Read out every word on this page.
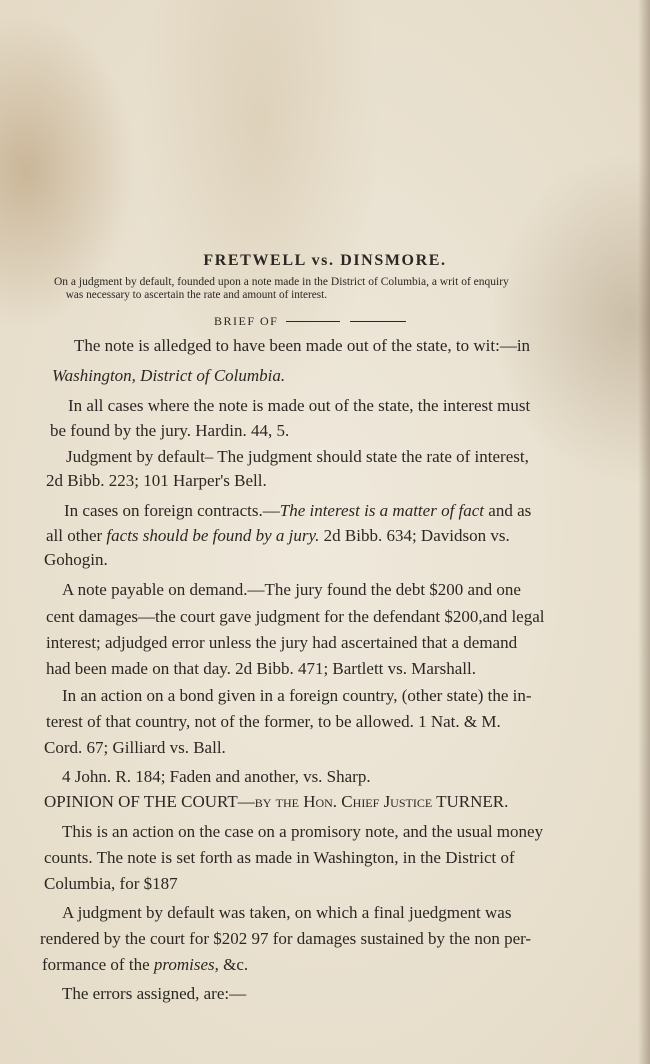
FRETWELL vs. DINSMORE.

On a judgment by default, founded upon a note made in the District of Columbia, a writ of enquiry

was necessary to ascertain the rate and amount of interest.

BRIEF OF
The note is alledged to have been made out of the state, to wit:—in
Washington, District of Columbia.
In all cases where the note is made out of the state, the interest must
be found by the jury. Hardin. 44, 5.
Judgment by default– The judgment should state the rate of interest,
2d Bibb. 223; 101 Harper's Bell.
In cases on foreign contracts.—The interest is a matter of fact and as
all other facts should be found by a jury. 2d Bibb. 634; Davidson vs.
Gohogin.
A note payable on demand.—The jury found the debt $200 and one
cent damages—the court gave judgment for the defendant $200,and legal
interest; adjudged error unless the jury had ascertained that a demand
had been made on that day. 2d Bibb. 471; Bartlett vs. Marshall.
In an action on a bond given in a foreign country, (other state) the in-
terest of that country, not of the former, to be allowed. 1 Nat. & M.
Cord. 67; Gilliard vs. Ball.
4 John. R. 184; Faden and another, vs. Sharp.
OPINION OF THE COURT—by the Hon. Chief Justice TURNER.
This is an action on the case on a promisory note, and the usual money
counts. The note is set forth as made in Washington, in the District of
Columbia, for $187
A judgment by default was taken, on which a final juedgment was
rendered by the court for $202 97 for damages sustained by the non per-
formance of the promises, &c.
The errors assigned, are:—
